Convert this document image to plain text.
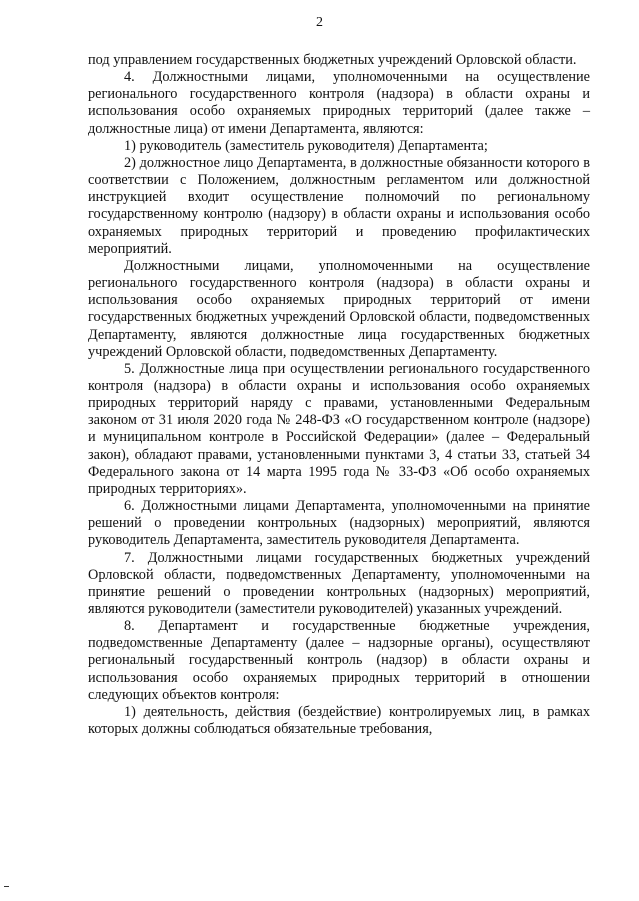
2

под управлением государственных бюджетных учреждений Орловской области.

4. Должностными лицами, уполномоченными на осуществление регионального государственного контроля (надзора) в области охраны и использования особо охраняемых природных территорий (далее также – должностные лица) от имени Департамента, являются:

1) руководитель (заместитель руководителя) Департамента;

2) должностное лицо Департамента, в должностные обязанности которого в соответствии с Положением, должностным регламентом или должностной инструкцией входит осуществление полномочий по региональному государственному контролю (надзору) в области охраны и использования особо охраняемых природных территорий и проведению профилактических мероприятий.

Должностными лицами, уполномоченными на осуществление регионального государственного контроля (надзора) в области охраны и использования особо охраняемых природных территорий от имени государственных бюджетных учреждений Орловской области, подведомственных Департаменту, являются должностные лица государственных бюджетных учреждений Орловской области, подведомственных Департаменту.

5. Должностные лица при осуществлении регионального государственного контроля (надзора) в области охраны и использования особо охраняемых природных территорий наряду с правами, установленными Федеральным законом от 31 июля 2020 года № 248-ФЗ «О государственном контроле (надзоре) и муниципальном контроле в Российской Федерации» (далее – Федеральный закон), обладают правами, установленными пунктами 3, 4 статьи 33, статьей 34 Федерального закона от 14 марта 1995 года № 33-ФЗ «Об особо охраняемых природных территориях».

6. Должностными лицами Департамента, уполномоченными на принятие решений о проведении контрольных (надзорных) мероприятий, являются руководитель Департамента, заместитель руководителя Департамента.

7. Должностными лицами государственных бюджетных учреждений Орловской области, подведомственных Департаменту, уполномоченными на принятие решений о проведении контрольных (надзорных) мероприятий, являются руководители (заместители руководителей) указанных учреждений.

8. Департамент и государственные бюджетные учреждения, подведомственные Департаменту (далее – надзорные органы), осуществляют региональный государственный контроль (надзор) в области охраны и использования особо охраняемых природных территорий в отношении следующих объектов контроля:

1) деятельность, действия (бездействие) контролируемых лиц, в рамках которых должны соблюдаться обязательные требования,
